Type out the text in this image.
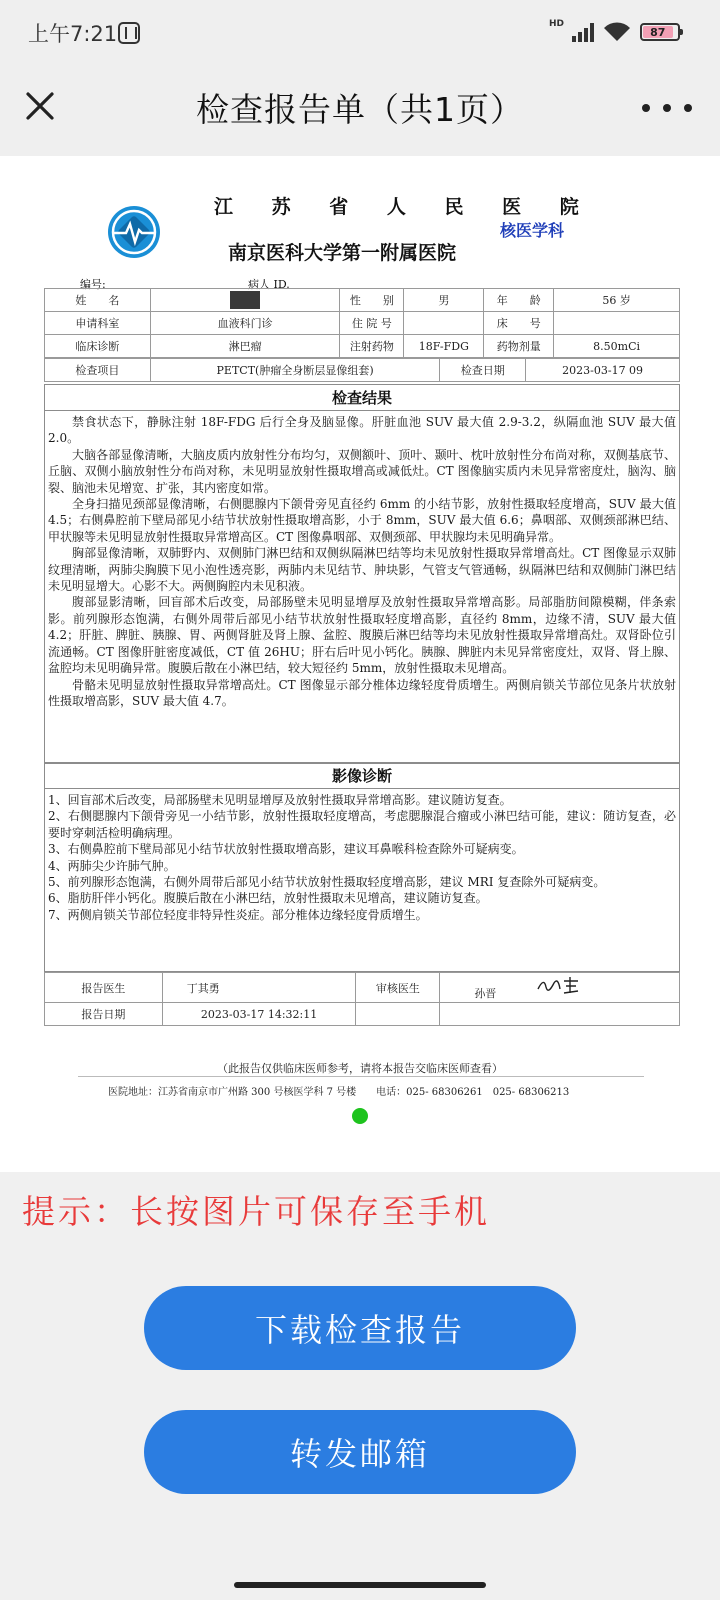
上午7:21	HD
87
检查报告单（共1页）
江 苏 省 人 民 医 院
南京医科大学第一附属医院
核医学科
编号:	病人 ID.
姓　　名		性　　别	男	年　　龄	56 岁
申请科室	血液科门诊	住 院 号		床　　号	
临床诊断	淋巴瘤	注射药物	18F-FDG	药物剂量	8.50mCi
检查项目	PETCT(肿瘤全身断层显像组套)	检查日期	2023-03-17 09
检查结果

禁食状态下，静脉注射 18F-FDG 后行全身及脑显像。肝脏血池 SUV 最大值 2.9-3.2，纵隔血池 SUV 最大值 2.0。

大脑各部显像清晰，大脑皮质内放射性分布均匀，双侧额叶、顶叶、颞叶、枕叶放射性分布尚对称，双侧基底节、丘脑、双侧小脑放射性分布尚对称，未见明显放射性摄取增高或减低灶。CT 图像脑实质内未见异常密度灶，脑沟、脑裂、脑池未见增宽、扩张，其内密度如常。

全身扫描见颈部显像清晰，右侧腮腺内下颌骨旁见直径约 6mm 的小结节影，放射性摄取轻度增高，SUV 最大值 4.5；右侧鼻腔前下壁局部见小结节状放射性摄取增高影，小于 8mm，SUV 最大值 6.6；鼻咽部、双侧颈部淋巴结、甲状腺等未见明显放射性摄取异常增高区。CT 图像鼻咽部、双侧颈部、甲状腺均未见明确异常。

胸部显像清晰，双肺野内、双侧肺门淋巴结和双侧纵隔淋巴结等均未见放射性摄取异常增高灶。CT 图像显示双肺纹理清晰，两肺尖胸膜下见小泡性透亮影，两肺内未见结节、肿块影，气管支气管通畅，纵隔淋巴结和双侧肺门淋巴结未见明显增大。心影不大。两侧胸腔内未见积液。

腹部显影清晰，回盲部术后改变，局部肠壁未见明显增厚及放射性摄取异常增高影。局部脂肪间隙模糊，伴条索影。前列腺形态饱满，右侧外周带后部见小结节状放射性摄取轻度增高影，直径约 8mm，边缘不清，SUV 最大值 4.2；肝脏、脾脏、胰腺、胃、两侧肾脏及肾上腺、盆腔、腹膜后淋巴结等均未见放射性摄取异常增高灶。双肾卧位引流通畅。CT 图像肝脏密度减低，CT 值 26HU；肝右后叶见小钙化。胰腺、脾脏内未见异常密度灶，双肾、肾上腺、盆腔均未见明确异常。腹膜后散在小淋巴结，较大短径约 5mm，放射性摄取未见增高。

骨骼未见明显放射性摄取异常增高灶。CT 图像显示部分椎体边缘轻度骨质增生。两侧肩锁关节部位见条片状放射性摄取增高影，SUV 最大值 4.7。

影像诊断

1、回盲部术后改变，局部肠壁未见明显增厚及放射性摄取异常增高影。建议随访复查。

2、右侧腮腺内下颌骨旁见一小结节影，放射性摄取轻度增高，考虑腮腺混合瘤或小淋巴结可能，建议：随访复查，必要时穿刺活检明确病理。

3、右侧鼻腔前下壁局部见小结节状放射性摄取增高影，建议耳鼻喉科检查除外可疑病变。

4、两肺尖少许肺气肿。

5、前列腺形态饱满，右侧外周带后部见小结节状放射性摄取轻度增高影，建议 MRI 复查除外可疑病变。

6、脂肪肝伴小钙化。腹膜后散在小淋巴结，放射性摄取未见增高，建议随访复查。

7、两侧肩锁关节部位轻度非特异性炎症。部分椎体边缘轻度骨质增生。

报告医生	丁其勇	审核医生	孙晋
报告日期	2023-03-17 14:32:11		
（此报告仅供临床医师参考，请将本报告交临床医师查看）
医院地址：江苏省南京市广州路 300 号核医学科 7 号楼　　电话：025- 68306261　025- 68306213
提示：长按图片可保存至手机
下载检查报告
转发邮箱
